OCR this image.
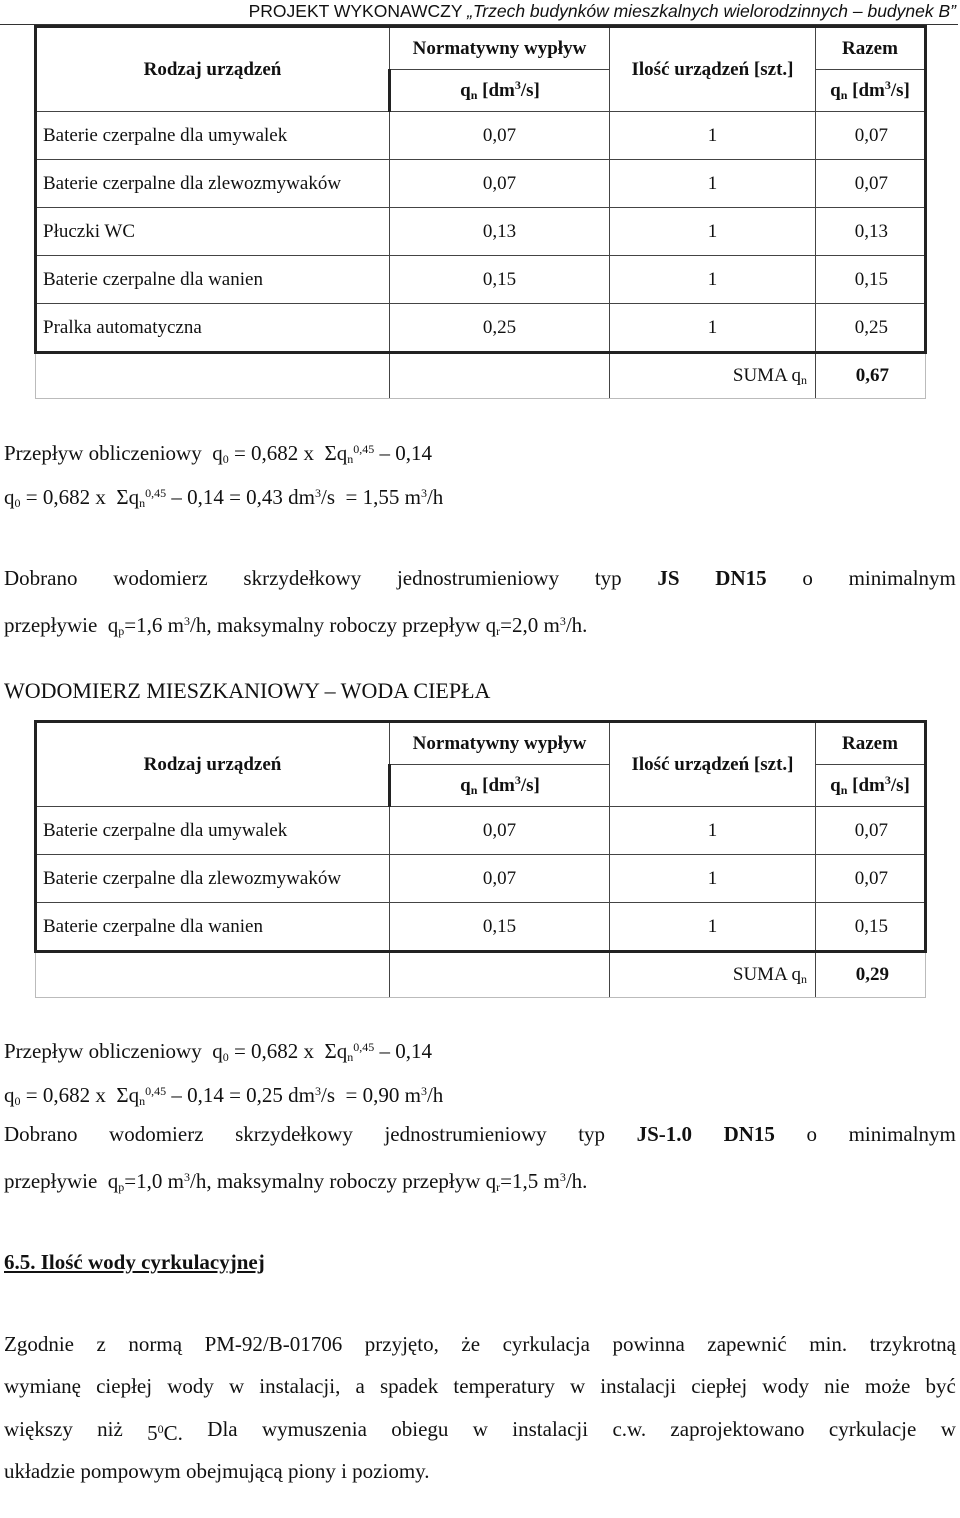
PROJEKT WYKONAWCZY „Trzech budynków mieszkalnych wielorodzinnych – budynek B”
Rodzaj urządzeń	Normatywny wypływ	Ilość urządzeń [szt.]	Razem
	$q_n$ $[dm^3/s]$		$q_n$ $[dm^3/s]$
Baterie czerpalne dla umywalek	0,07	1	0,07
Baterie czerpalne dla zlewozmywaków	0,07	1	0,07
Płuczki WC	0,13	1	0,13
Baterie czerpalne dla wanien	0,15	1	0,15
Pralka automatyczna	0,25	1	0,25
		SUMA $q_n$	0,67
Przepływ obliczeniowy  $q_0 = 0,682$ x  $\Sigma q_n^{0,45} - 0,14$
$q_0 = 0,682$ x  $\Sigma q_n^{0,45} - 0,14 = 0,43$ $dm^3/s = 1,55$ $m^3/h$
Dobrano wodomierz skrzydełkowy jednostrumieniowy typ JS DN15 o minimalnym
przepływie  $q_p=1,6$ $m^3/h$, maksymalny roboczy przepływ $q_r=2,0$ $m^3/h$.
WODOMIERZ MIESZKANIOWY – WODA CIEPŁA
Rodzaj urządzeń	Normatywny wypływ	Ilość urządzeń [szt.]	Razem
	$q_n$ $[dm^3/s]$		$q_n$ $[dm^3/s]$
Baterie czerpalne dla umywalek	0,07	1	0,07
Baterie czerpalne dla zlewozmywaków	0,07	1	0,07
Baterie czerpalne dla wanien	0,15	1	0,15
		SUMA $q_n$	0,29
Przepływ obliczeniowy  $q_0 = 0,682$ x  $\Sigma q_n^{0,45} - 0,14$
$q_0 = 0,682$ x  $\Sigma q_n^{0,45} - 0,14 = 0,25$ $dm^3/s = 0,90$ $m^3/h$
Dobrano wodomierz skrzydełkowy jednostrumieniowy typ JS-1.0 DN15 o minimalnym
przepływie  $q_p=1,0$ $m^3/h$, maksymalny roboczy przepływ $q_r=1,5$ $m^3/h$.
6.5. Ilość wody cyrkulacyjnej
Zgodnie z normą PM-92/B-01706 przyjęto, że cyrkulacja powinna zapewnić min. trzykrotną
wymianę ciepłej wody w instalacji, a spadek temperatury w instalacji ciepłej wody nie może być
większy niż $5^0C$. Dla wymuszenia obiegu w instalacji c.w. zaprojektowano cyrkulacje w
układzie pompowym obejmującą piony i poziomy.
